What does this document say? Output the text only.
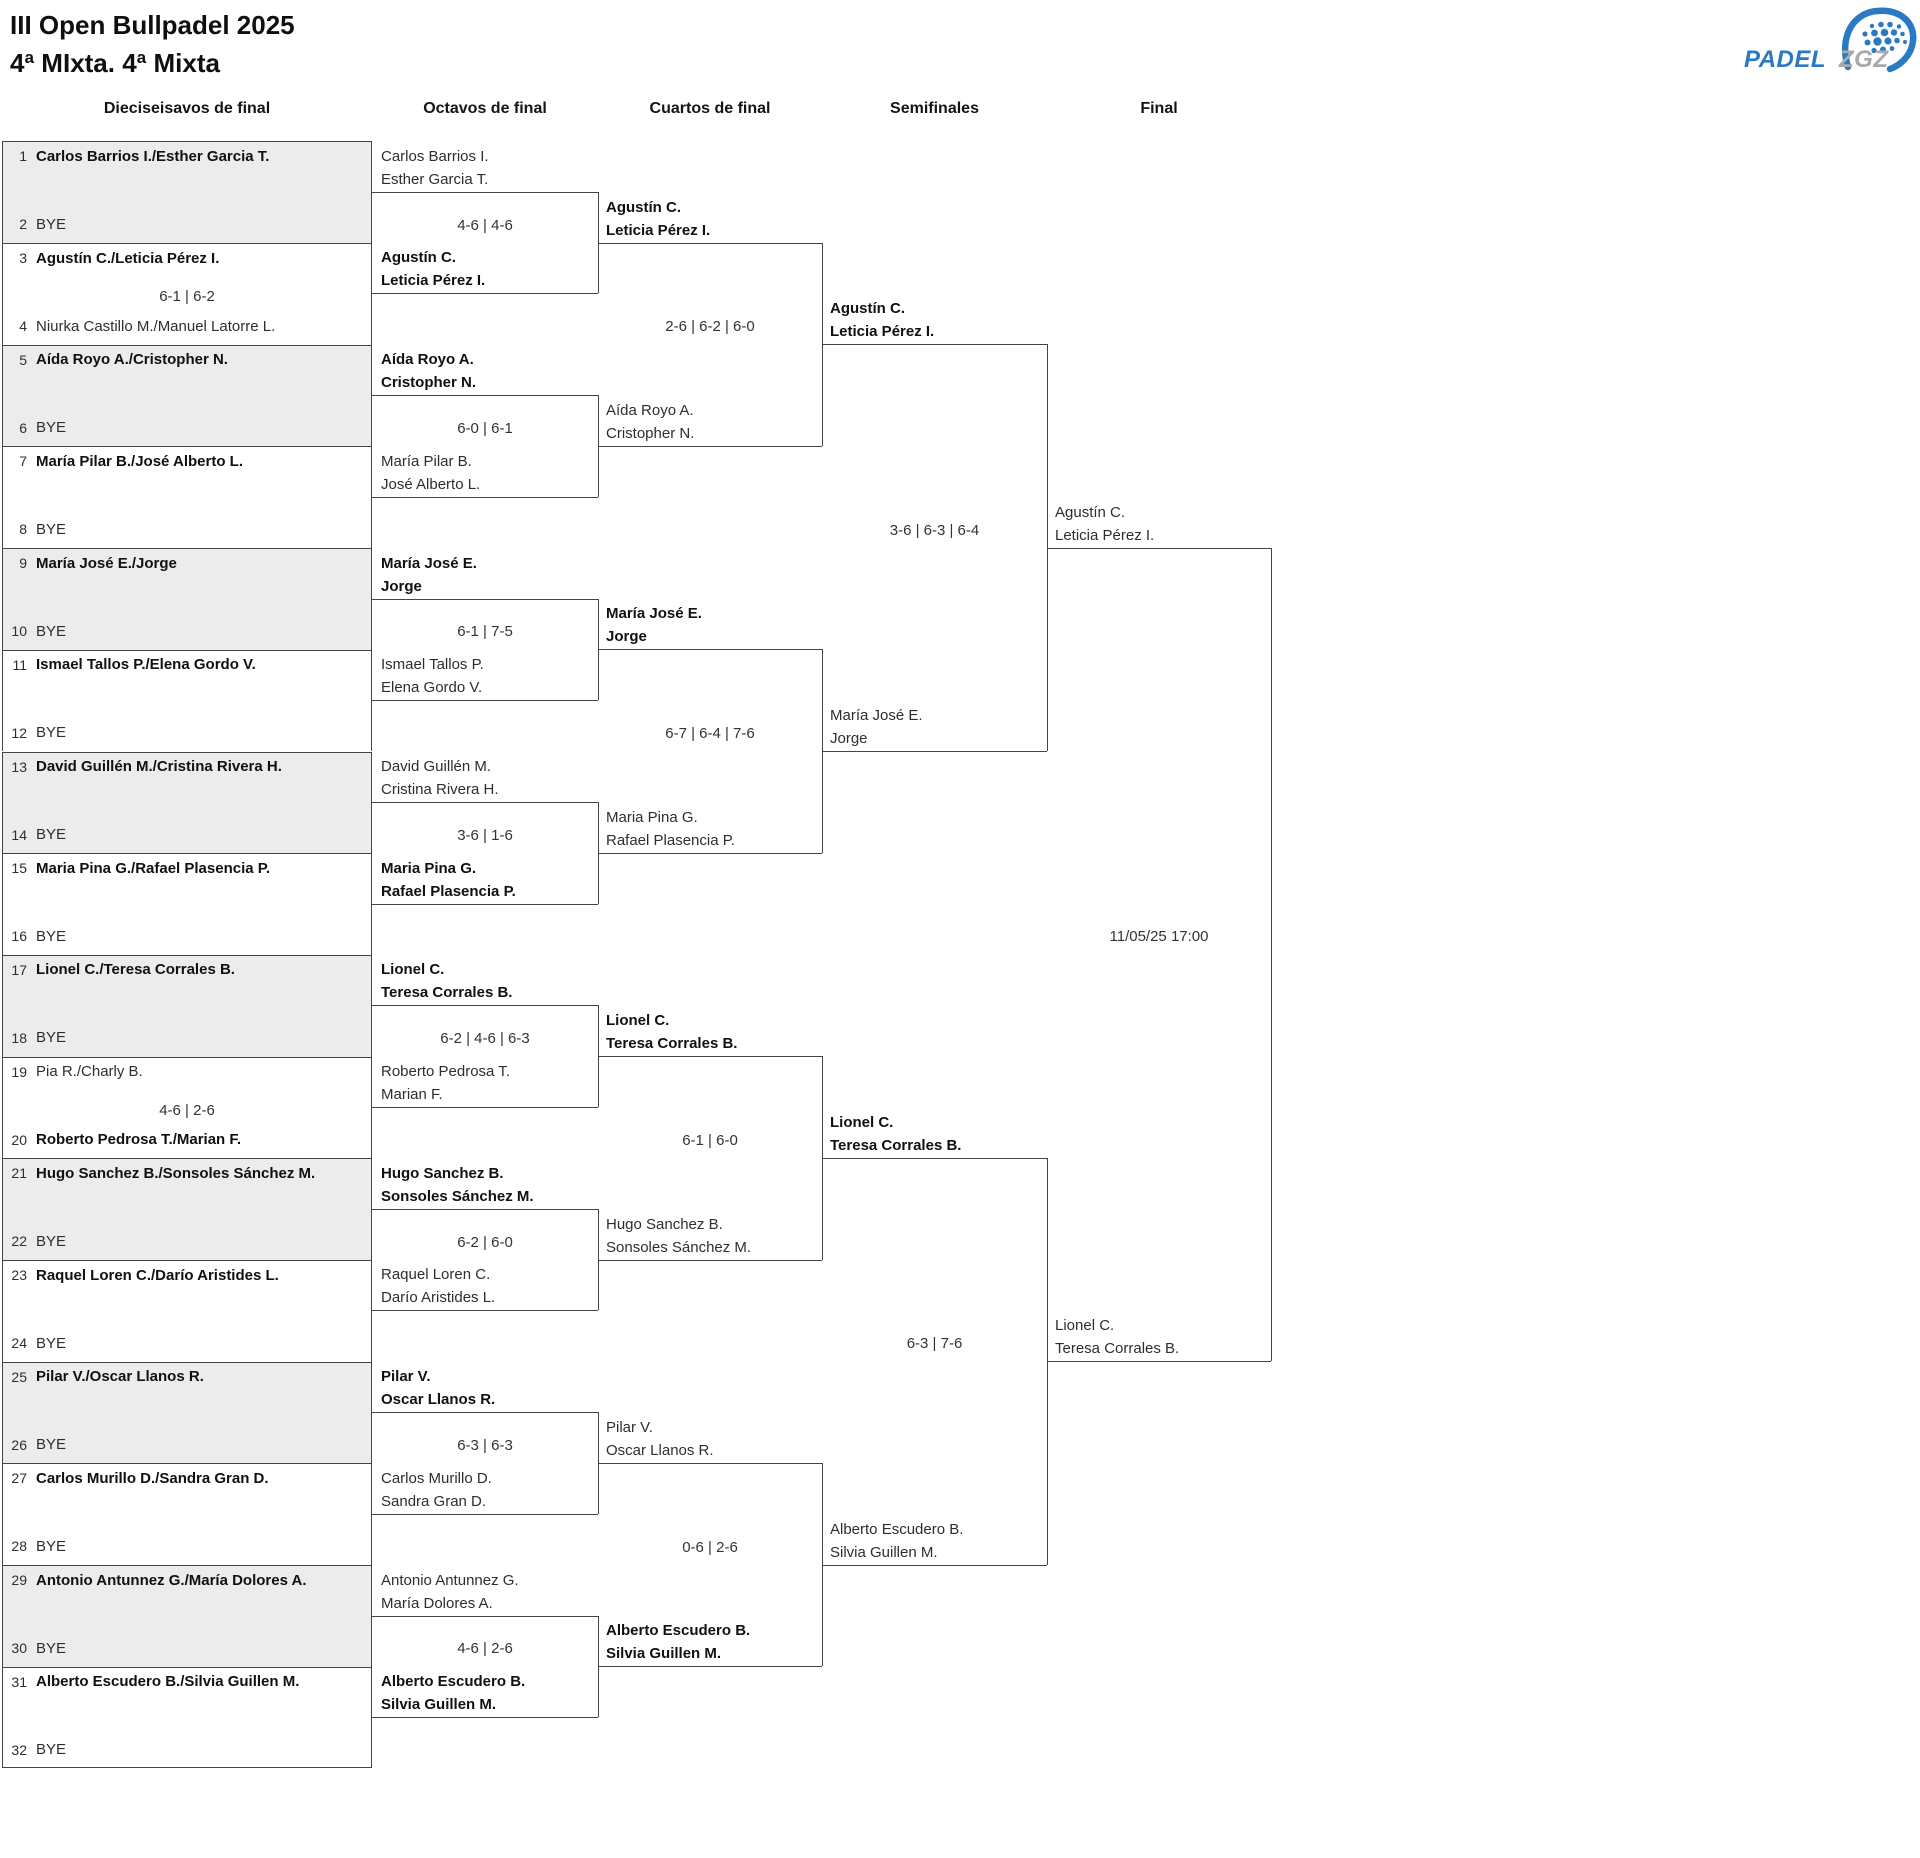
III Open Bullpadel 2025
4ª MIxta. 4ª Mixta	PADEL ZGZ
Dieciseisavos de final	Octavos de final	Cuartos de final	Semifinales	Final
1 Carlos Barrios I./Esther Garcia T.
2 BYE
3 Agustín C./Leticia Pérez I.
4 Niurka Castillo M./Manuel Latorre L.
6-1 | 6-2
5 Aída Royo A./Cristopher N.
6 BYE
7 María Pilar B./José Alberto L.
8 BYE
9 María José E./Jorge
10 BYE
11 Ismael Tallos P./Elena Gordo V.
12 BYE
13 David Guillén M./Cristina Rivera H.
14 BYE
15 Maria Pina G./Rafael Plasencia P.
16 BYE
17 Lionel C./Teresa Corrales B.
18 BYE
19 Pia R./Charly B.
20 Roberto Pedrosa T./Marian F.
4-6 | 2-6
21 Hugo Sanchez B./Sonsoles Sánchez M.
22 BYE
23 Raquel Loren C./Darío Aristides L.
24 BYE
25 Pilar V./Oscar Llanos R.
26 BYE
27 Carlos Murillo D./Sandra Gran D.
28 BYE
29 Antonio Antunnez G./María Dolores A.
30 BYE
31 Alberto Escudero B./Silvia Guillen M.
32 BYE
Carlos Barrios I.
Esther Garcia T.
Agustín C.
Leticia Pérez I.
Aída Royo A.
Cristopher N.
María Pilar B.
José Alberto L.
María José E.
Jorge
Ismael Tallos P.
Elena Gordo V.
David Guillén M.
Cristina Rivera H.
Maria Pina G.
Rafael Plasencia P.
Lionel C.
Teresa Corrales B.
Roberto Pedrosa T.
Marian F.
Hugo Sanchez B.
Sonsoles Sánchez M.
Raquel Loren C.
Darío Aristides L.
Pilar V.
Oscar Llanos R.
Carlos Murillo D.
Sandra Gran D.
Antonio Antunnez G.
María Dolores A.
Alberto Escudero B.
Silvia Guillen M.
4-6 | 4-6
6-0 | 6-1
6-1 | 7-5
3-6 | 1-6
6-2 | 4-6 | 6-3
6-2 | 6-0
6-3 | 6-3
4-6 | 2-6
Agustín C.
Leticia Pérez I.
Aída Royo A.
Cristopher N.
María José E.
Jorge
Maria Pina G.
Rafael Plasencia P.
Lionel C.
Teresa Corrales B.
Hugo Sanchez B.
Sonsoles Sánchez M.
Pilar V.
Oscar Llanos R.
Alberto Escudero B.
Silvia Guillen M.
2-6 | 6-2 | 6-0
6-7 | 6-4 | 7-6
6-1 | 6-0
0-6 | 2-6
Agustín C.
Leticia Pérez I.
María José E.
Jorge
Lionel C.
Teresa Corrales B.
Alberto Escudero B.
Silvia Guillen M.
3-6 | 6-3 | 6-4
6-3 | 7-6
Agustín C.
Leticia Pérez I.
Lionel C.
Teresa Corrales B.
11/05/25 17:00
